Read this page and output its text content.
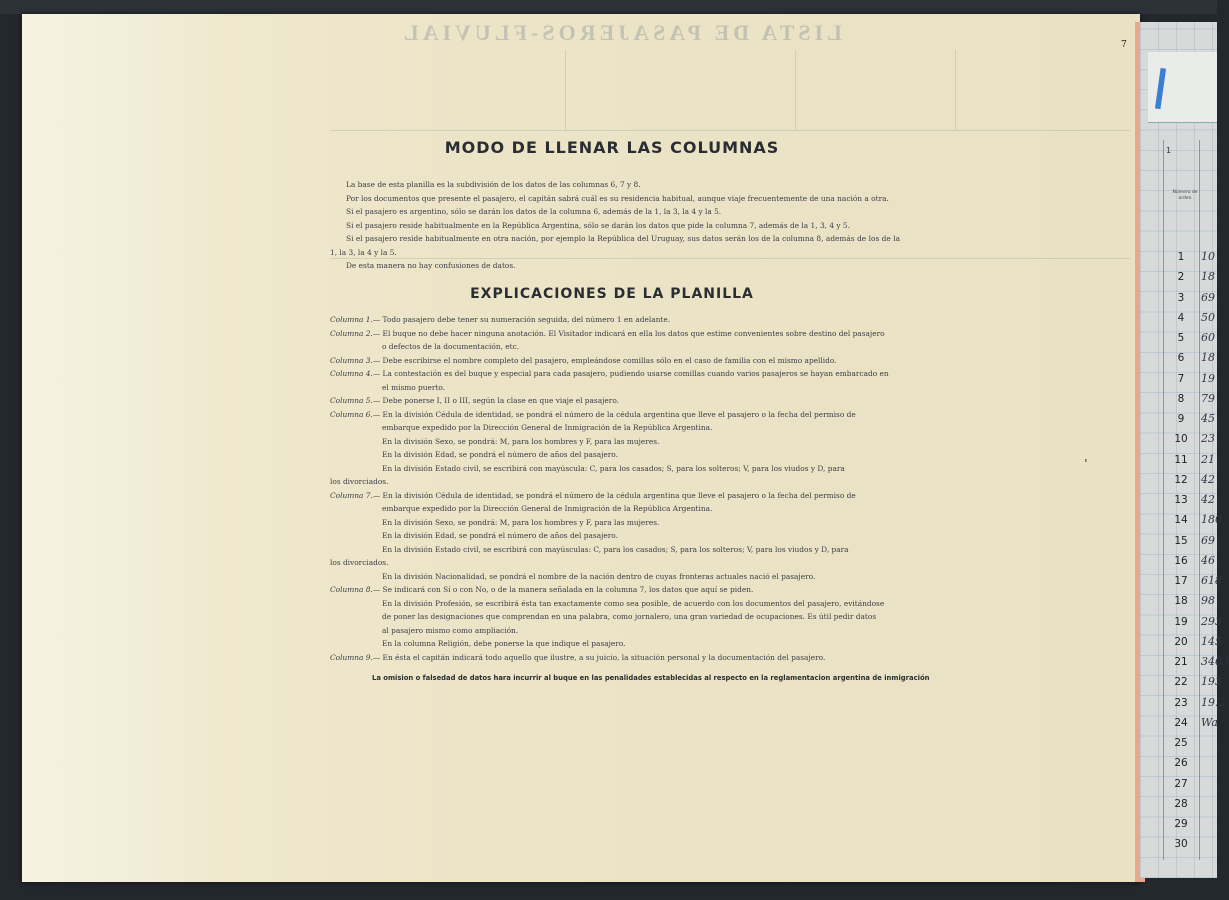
LISTA DE PASAJEROS-FLUVIAL	7
MODO DE LLENAR LAS COLUMNAS

La base de esta planilla es la subdivisión de los datos de las columnas 6, 7 y 8.

Por los documentos que presente el pasajero, el capitán sabrá cuál es su residencia habitual, aunque viaje frecuentemente de una nación a otra.

Si el pasajero es argentino, sólo se darán los datos de la columna 6, además de la 1, la 3, la 4 y la 5.

Si el pasajero reside habitualmente en la República Argentina, sólo se darán los datos que pide la columna 7, además de la 1, 3, 4 y 5.

Si el pasajero reside habitualmente en otra nación, por ejemplo la República del Uruguay, sus datos serán los de la columna 8, además de los de la 1, la 3, la 4 y la 5.

De esta manera no hay confusiones de datos.

EXPLICACIONES DE LA PLANILLA

Columna 1.— Todo pasajero debe tener su numeración seguida, del número 1 en adelante.

Columna 2.— El buque no debe hacer ninguna anotación. El Visitador indicará en ella los datos que estime convenientes sobre destino del pasajero

o defectos de la documentación, etc.

Columna 3.— Debe escribirse el nombre completo del pasajero, empleándose comillas sólo en el caso de familia con el mismo apellido.

Columna 4.— La contestación es del buque y especial para cada pasajero, pudiendo usarse comillas cuando varios pasajeros se hayan embarcado en

el mismo puerto.

Columna 5.— Debe ponerse I, II o III, según la clase en que viaje el pasajero.

Columna 6.— En la división Cédula de identidad, se pondrá el número de la cédula argentina que lleve el pasajero o la fecha del permiso de

embarque expedido por la Dirección General de Inmigración de la República Argentina.

En la división Sexo, se pondrá: M, para los hombres y F, para las mujeres.

En la división Edad, se pondrá el número de años del pasajero.

En la división Estado civil, se escribirá con mayúscula: C, para los casados; S, para los solteros; V, para los viudos y D, para

los divorciados.

Columna 7.— En la división Cédula de identidad, se pondrá el número de la cédula argentina que lleve el pasajero o la fecha del permiso de

embarque expedido por la Dirección General de Inmigración de la República Argentina.

En la división Sexo, se pondrá: M, para los hombres y F, para las mujeres.

En la división Edad, se pondrá el número de años del pasajero.

En la división Estado civil, se escribirá con mayúsculas: C, para los casados; S, para los solteros; V, para los viudos y D, para

los divorciados.

En la división Nacionalidad, se pondrá el nombre de la nación dentro de cuyas fronteras actuales nació el pasajero.

Columna 8.— Se indicará con Sí o con No, o de la manera señalada en la columna 7, los datos que aquí se piden.

En la división Profesión, se escribirá ésta tan exactamente como sea posible, de acuerdo con los documentos del pasajero, evitándose

de poner las designaciones que comprendan en una palabra, como jornalero, una gran variedad de ocupaciones. Es útil pedir datos

al pasajero mismo como ampliación.

En la columna Religión, debe ponerse la que indique el pasajero.

Columna 9.— En ésta el capitán indicará todo aquello que ilustre, a su juicio, la situación personal y la documentación del pasajero.

La omision o falsedad de datos hara incurrir al buque en las penalidades establecidas al respecto en la reglamentacion argentina de inmigración
I
1
Número de orden
1
2
3
4
5
6
7
8
9
10
11
12
13
14
15
16
17
18
19
20
21
22
23
24
25
26
27
28
29
30
10
18
69
50
60
18
19
79
45
23
21
42
42
180
69
46
618
98
293
145
3463
193
19.2
Wa
